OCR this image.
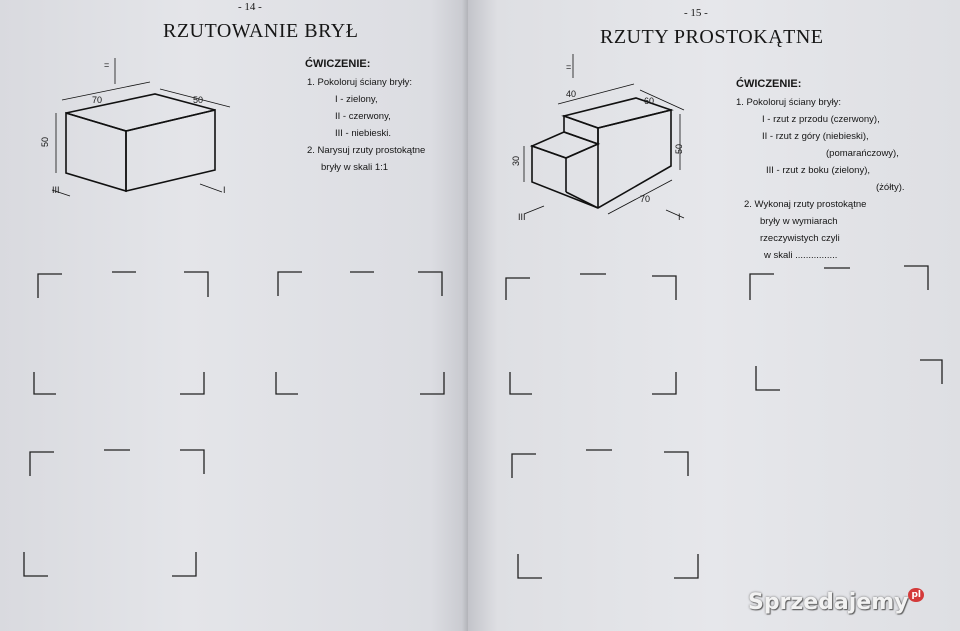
- 14 -
RZUTOWANIE BRYŁ
70	50
50
=
III	I
ĆWICZENIE:
1. Pokoloruj ściany bryły:
I - zielony,
II - czerwony,
III - niebieski.
2. Narysuj rzuty prostokątne
bryły w skali 1:1
- 15 -
RZUTY PROSTOKĄTNE
40
60
30
50
70
=
III	I
ĆWICZENIE:
1. Pokoloruj ściany bryły:
I - rzut z przodu (czerwony),
II - rzut z góry (niebieski),
(pomarańczowy),
III - rzut z boku (zielony),
(żółty).
2. Wykonaj rzuty prostokątne
bryły w wymiarach
rzeczywistych czyli
w skali ................
Sprzedajemy $^{pl}$
